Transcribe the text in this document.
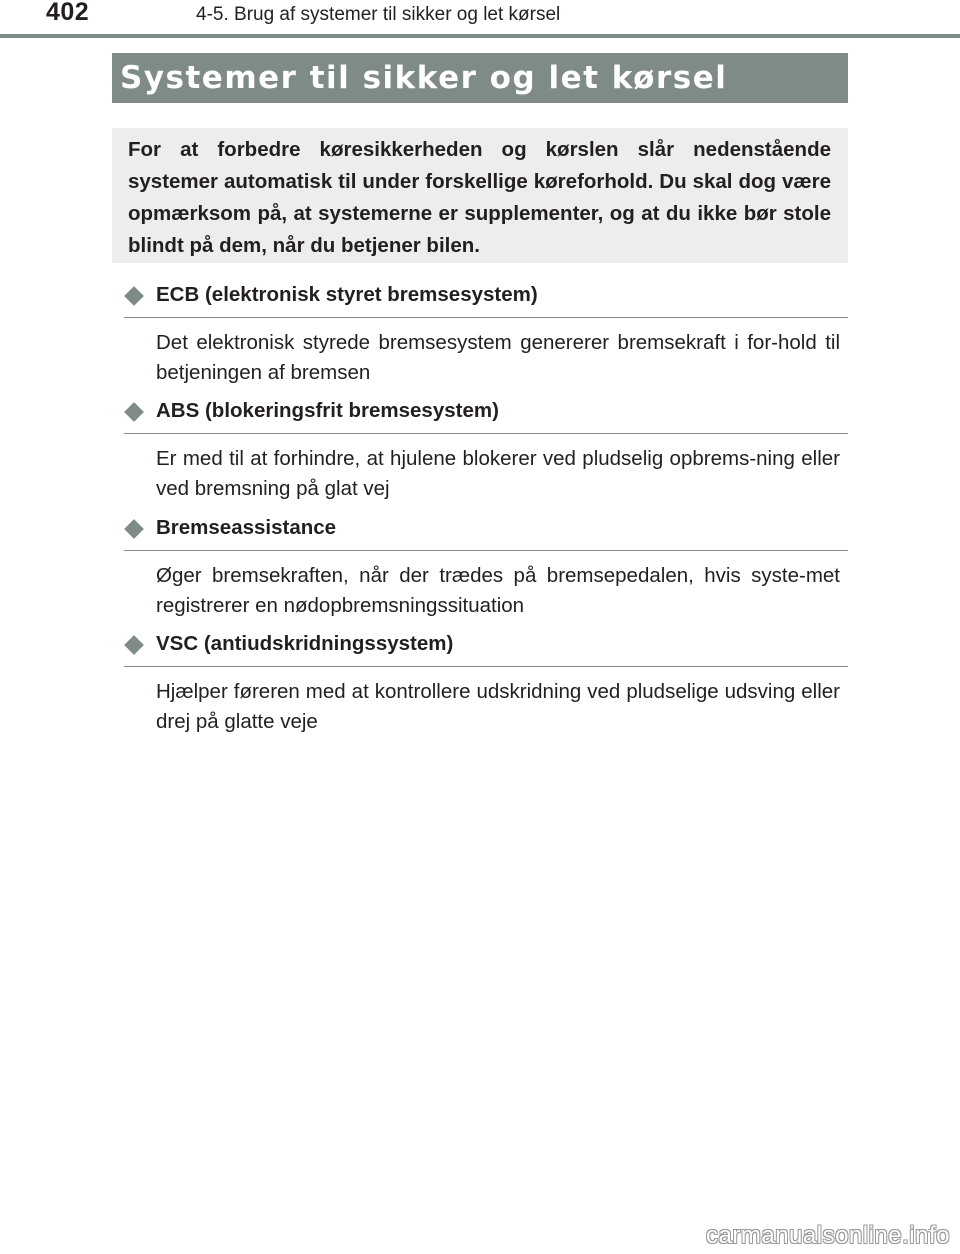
402	4-5. Brug af systemer til sikker og let kørsel
Systemer til sikker og let kørsel

For at forbedre køresikkerheden og kørslen slår nedenstående systemer automatisk til under forskellige køreforhold. Du skal dog være opmærksom på, at systemerne er supplementer, og at du ikke bør stole blindt på dem, når du betjener bilen.

ECB (elektronisk styret bremsesystem)
Det elektronisk styrede bremsesystem genererer bremsekraft i for-hold til betjeningen af bremsen
ABS (blokeringsfrit bremsesystem)
Er med til at forhindre, at hjulene blokerer ved pludselig opbrems-ning eller ved bremsning på glat vej
Bremseassistance
Øger bremsekraften, når der trædes på bremsepedalen, hvis syste-met registrerer en nødopbremsningssituation
VSC (antiudskridningssystem)
Hjælper føreren med at kontrollere udskridning ved pludselige udsving eller drej på glatte veje
carmanualsonline.info
